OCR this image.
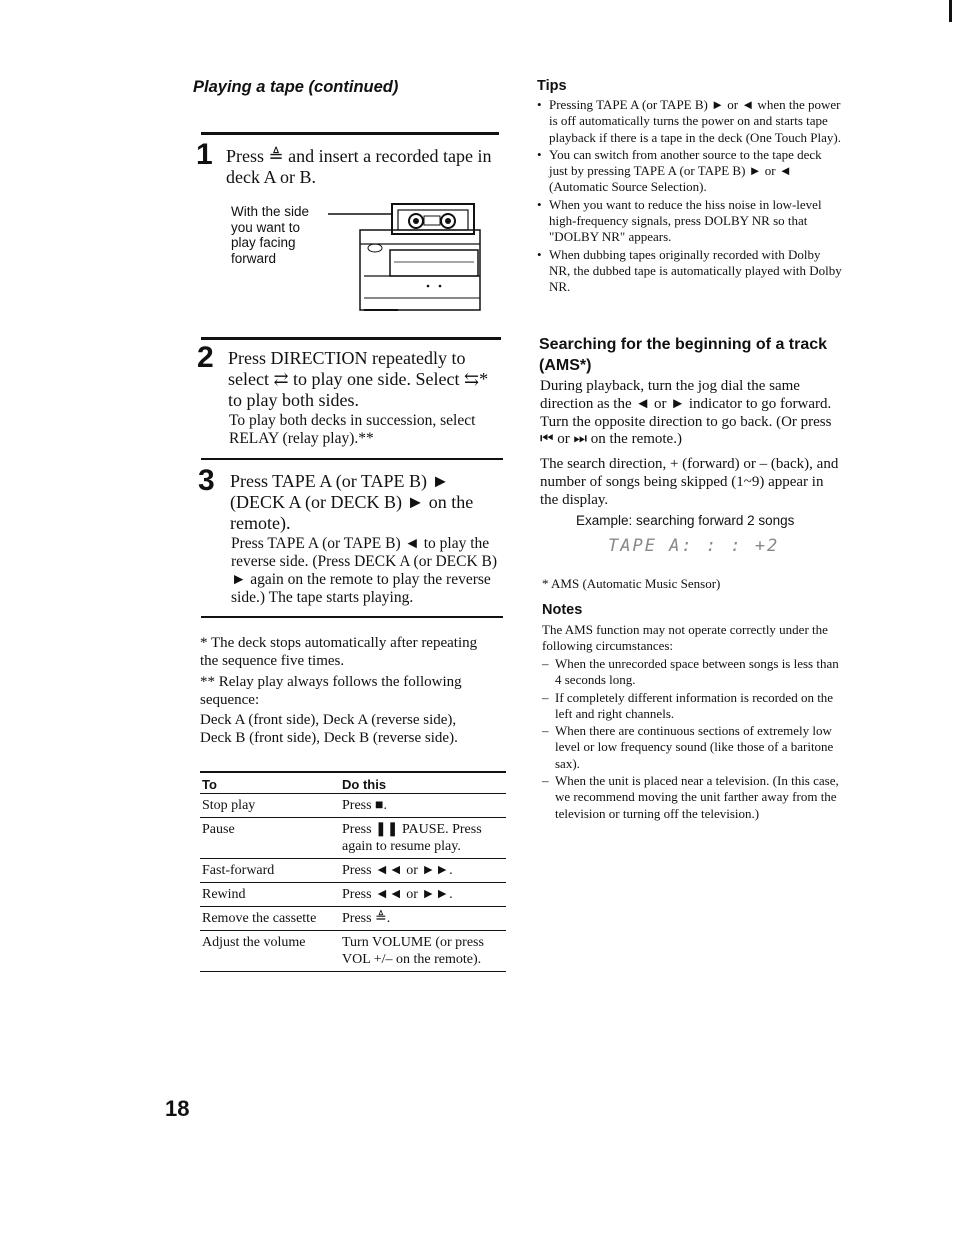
Playing a tape (continued)
1 Press ≜ and insert a recorded tape in deck A or B.
With the side you want to play facing forward
2 Press DIRECTION repeatedly to select ⇄ to play one side. Select ⇆* to play both sides.
To play both decks in succession, select RELAY (relay play).**
3 Press TAPE A (or TAPE B) ► (DECK A (or DECK B) ► on the remote).
Press TAPE A (or TAPE B) ◄ to play the reverse side. (Press DECK A (or DECK B) ► again on the remote to play the reverse side.) The tape starts playing.
* The deck stops automatically after repeating the sequence five times.
** Relay play always follows the following sequence:
Deck A (front side), Deck A (reverse side), Deck B (front side), Deck B (reverse side).
To	Do this
Stop play	Press ■.
Pause	Press ❚❚ PAUSE. Press again to resume play.
Fast-forward	Press ◄◄ or ►►.
Rewind	Press ◄◄ or ►►.
Remove the cassette	Press ≜.
Adjust the volume	Turn VOLUME (or press VOL +/– on the remote).
Tips
• Pressing TAPE A (or TAPE B) ► or ◄ when the power is off automatically turns the power on and starts tape playback if there is a tape in the deck (One Touch Play).
• You can switch from another source to the tape deck just by pressing TAPE A (or TAPE B) ► or ◄ (Automatic Source Selection).
• When you want to reduce the hiss noise in low-level high-frequency signals, press DOLBY NR so that "DOLBY NR" appears.
• When dubbing tapes originally recorded with Dolby NR, the dubbed tape is automatically played with Dolby NR.
Searching for the beginning of a track (AMS*)
During playback, turn the jog dial the same direction as the ◄ or ► indicator to go forward. Turn the opposite direction to go back. (Or press ⏮ or ⏭ on the remote.)
The search direction, + (forward) or – (back), and number of songs being skipped (1~9) appear in the display.
Example: searching forward 2 songs
TAPE A: : : +2
* AMS (Automatic Music Sensor)
Notes
The AMS function may not operate correctly under the following circumstances:
– When the unrecorded space between songs is less than 4 seconds long.
– If completely different information is recorded on the left and right channels.
– When there are continuous sections of extremely low level or low frequency sound (like those of a baritone sax).
– When the unit is placed near a television. (In this case, we recommend moving the unit farther away from the television or turning off the television.)
18
